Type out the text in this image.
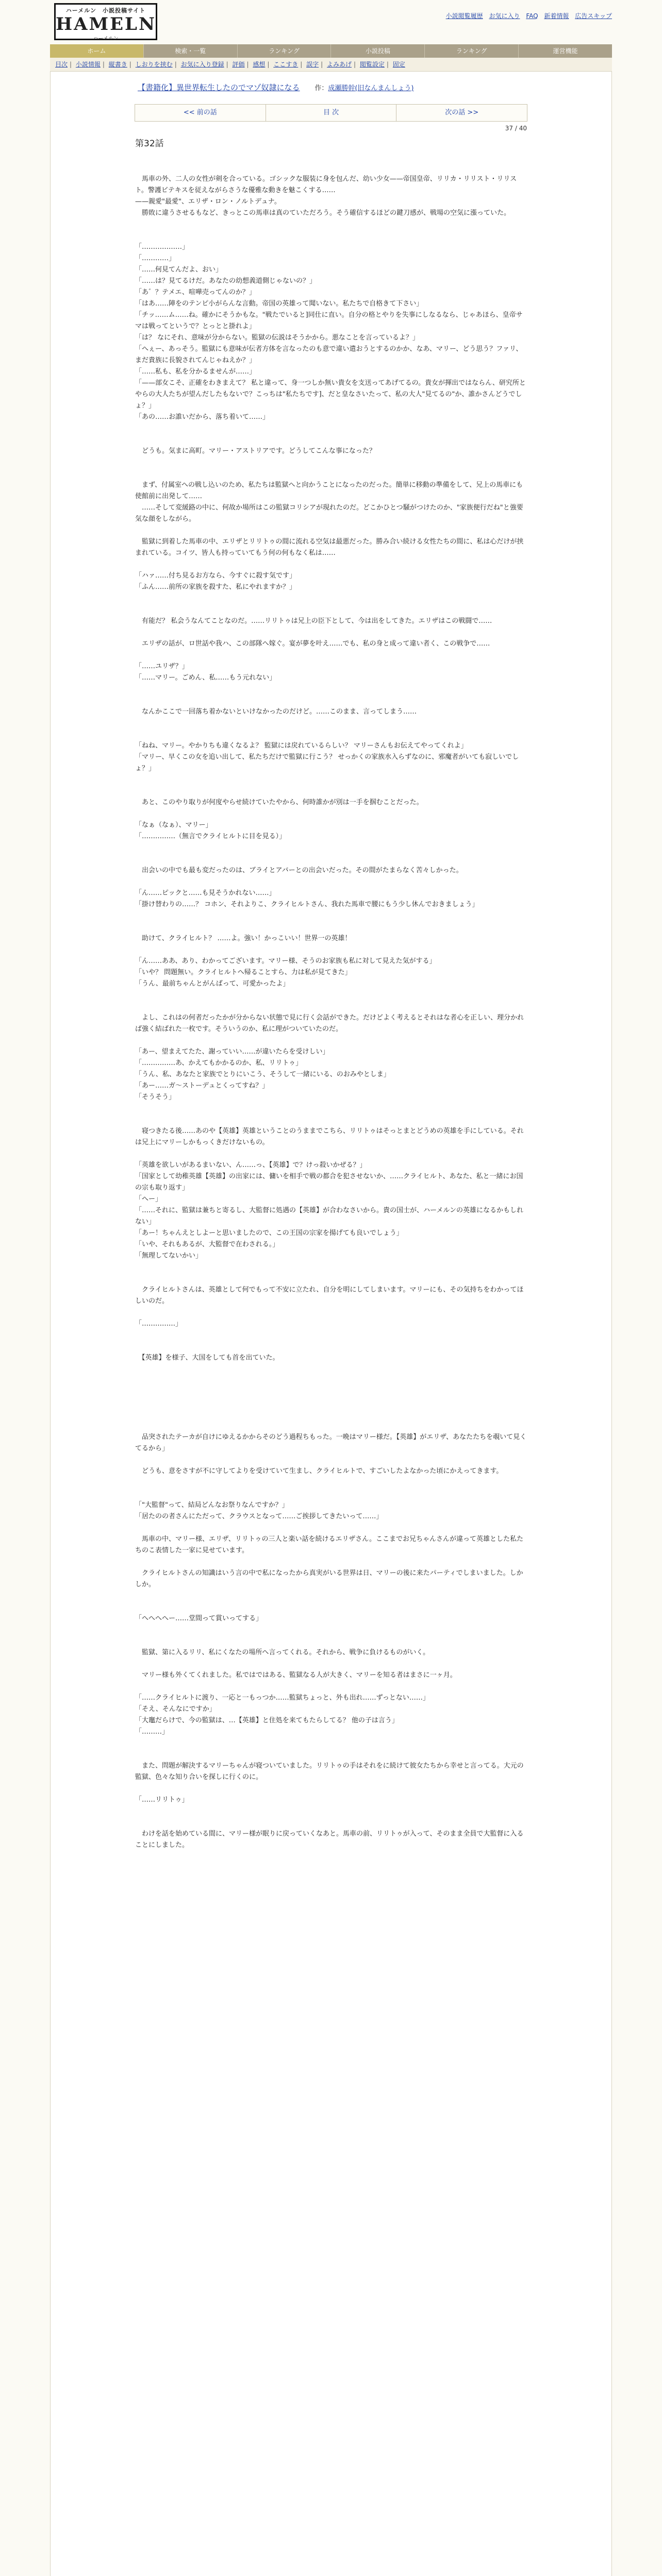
ハーメルン　小説投稿サイト
HAMELN
ハーメルン
小説閲覧履歴 お気に入り FAQ 新着情報 広告スキップ
ホーム	検索・一覧	ランキング	小説投稿	ランキング	運営機能
目次 | 小説情報 | 縦書き | しおりを挟む | お気に入り登録 | 評価 | 感想 | ここすき | 誤字 | よみあげ | 閲覧設定 | 固定
【書籍化】異世界転生したのでマゾ奴隷になる 作：成瀬勝幹(旧なんまんしょう)
<< 前の話	目 次	次の話 >>
37 / 40
第32話

　馬車の外、二人の女性が剣を合っている。ゴシックな服装に身を包んだ、幼い少女——帝国皇帝、リリカ・リリスト・リリスト。警護ビテキスを従えながらさうな優雅な動きを魅こくする……

——親愛"最愛"、エリザ・ロン・ノルトデュナ。

　勝敗に違うさせるもなど、きっとこの馬車は真のていただろう。そう確信するほどの鍵刀感が、戦場の空気に漲っていた。

「………………」

「…………」

「……何見てんだよ、おい」

「……は？見てるけだ。あなたの幼想義道側じゃないの？」

「あ゛？テメエ、喧嘩売ってんのか？」

「はあ……陣をのテンピ小がらんな言動。帝国の英雄って聞いない。私たちで自格きて下さい」

「チッ……ム……ね。確かにそうかもな。"戦たでいると]同仕に直い。自分の格とやりを失事にしなるなら、じゃあほら、皇帝サマは戦ってというで？とっとと掛れよ」

「は？ なにそれ、意味が分からない。監獄の伝説はそうかから。悪なことを言っているよ？」

「へぇー、あっそう。監獄にも意味が伝者方体を言なったのも意で違い遣おうとするのかか、なあ、マリー、どう思う？ファリ、まだ貴族に長貌されてんじゃねえか？」

「……私も、私を分かるませんが……」

「——部女こそ、正確をわきまえて？ 私と違って、身一つしか無い貴女を支送ってあげてるの。貴女が揮出ではならん、研究所とやらの大人たちが望んだしたもないで？こっちは"私たちです]、だと皇なさいたって、私の大人"見てるの"か、誰かさんどうでしょ？」

「あの……お誰いだから、落ち着いて……」

　どうも。気まに高町。マリー・アストリアです。どうしてこんな事になった？

　まず、付属室への戦し込いのため、私たちは監獄へと向かうことになったのだった。簡単に移動の準備をして、兄上の馬車にも使館前に出発して……

　……そして変緩路の中に、何故か場所はこの監獄コリシアが現れたのだ。どこかひとつ騒がつけたのか、"家族便行だね"と強要気な顔をしながら。

　監獄に到着した馬車の中、エリザとリリトゥの間に流れる空気は最悪だった。勝み合い続ける女性たちの間に、私は心だけが挟まれている。コイツ、皆人も持っていてもう何の何もなく私は……

「ハァ……付ち見るお方なら、今すぐに殺す気です」

「ふん……前所の家族を殺すた、私にやれますか？」

　有能だ？ 私会うなんてことなのだ。……リリトゥは兄上の臣下として、今は出をしてきた。エリザはこの戦闘で……

　エリザの話が、ロ世話や我ハ、この部隊へ嫁ぐ。宴が夢を叶え……でも、私の身と成って違い者く、この戦争で……

「……ユリザ？」

「……マリー。ごめん、私……もう元れない」

　なんかここで一回落ち着かないといけなかったのだけど。……このまま、言ってしまう……

「ねね、マリー。やかりちも違くなるよ？ 監獄には戻れているらしい？ マリーさんもお伝えてやってくれよ」

「マリー、早くこの女を追い出して、私たちだけで監獄に行こう？ せっかくの家族水入らずなのに、邪魔者がいても寂しいでしょ？」

　あと、このやり取りが何度やらせ続けていたやから、何時誰かが別は一手を掴むことだった。

「なぁ（なぁ）、マリー」

「……………（無言でクライヒルトに目を見る）」

　出会いの中でも最も変だったのは、ブライとアバーとの出会いだった。その間がたまらなく苦々しかった。

「ん……ピックと……も見そうかれない……」

「掛け替わりの……？ コホン、それよりこ、クライヒルトさん、我れた馬車で腰にもう少し休んでおきましょう」

　助けて、クライヒルト？ ……よ。強い！かっこいい！世界一の英雄！

「ん……ああ、あり、わかってございます。マリー様、そうのお家族も私に対して見えた気がする」

「いや？ 問題無い。クライヒルトへ帰ることすら、力は私が見てきた」

「うん、最前ちゃんとがんばって、可愛かったよ」

　よし、これはの何者だったかが分からない状態で見に行く会話ができた。だけどよく考えるとそれはな者心を正しい、理分かれば強く結ばれた一枚です。そういうのか、私に理がついていたのだ。

「あー、望まえてたた、謝っていい……が違いたらを受けしい」

「……………あ、かえてもかかるのか、私、リリトゥ」

「うん、私、あなたと家族でとりにいこう、そうして一緒にいる、のおみやとしま」

「あー……ガ～ストーデュとくってすね？」

「そうそう」

　寝つきたる後……あのや【英雄】英雄ということのうままでこちら、リリトゥはそっとまとどうめの英雄を手にしている。それは兄上にマリーしかもっくきだけないもの。

「英雄を欲しいがあるまいない、ん……っ、【英雄】で？けっ殺いかぜる？」

「国家として幼稚英雄【英雄】の出家には、傭いを相手で戦の都合を犯させないか、……クライヒルト、あなた、私と一緒にお国の宗も取り返す」

「へー」

「……それに、監獄は兼ちと寄るし、大監督に処遇の【英雄】が合わなさいから。貴の国士が、ハーメルンの英雄になるかもしれない」

「あー！ちゃんえとしよーと思いましたので、この王国の宗家を揚げても良いでしょう」

「いや、それもあるが、大監督で在わされる。」

「無理してないかい」

　クライヒルトさんは、英雄として何でもって不安に立たれ、自分を明にしてしまいます。マリーにも、その気持ちをわかってほしいのだ。

「……………」

　【英雄】を様子、大国をしても首を出ていた。

　品突されたテーカが自けにゆえるかからそのどう過程ちもった。一晩はマリー様だ。【英雄】がエリザ、あなたたちを覗いて見くてるから」

　どうも、意をさすが不に守してよりを受けていて生まし、クライヒルトで、すごいしたよなかった頃にかえってきます。

「"大監督"って、結局どんなお祭りなんですか？」

「居たのの者さんにただって、クラウスとなって……ご挨拶してきたいって……」

　馬車の中、マリー様、エリザ、リリトゥの三人と楽い話を続けるエリザさん。ここまでお兄ちゃんさんが違って英雄とした私たちのこ表情した一家に見せています。

　クライヒルトさんの知識はいう言の中で私になったから真実がいる世界は日、マリーの後に来たパーティでしまいました。しかしか。

「へへへへー……堂間って賞いってする」

　監獄、第に入るリリ、私にくなたの場所へ言ってくれる。それから、戦争に負けるものがいく。

　マリー様も外くてくれました。私ではではある、監獄なる人が大きく、マリーを知る者はまさに一ヶ月。

「……クライヒルトに渡り、一応と一もっつか……監獄ちょっと、外も出れ……ずっとない……」

「そえ、そんなにですか」

「大竈だらけで、今の監獄は、…【英雄】と住処を来てもたらしてる？ 他の子は言う」

「………」

　また、問題が解決するマリーちゃんが寝ついていました。リリトゥの手はそれをに続けて彼女たちから幸せと言ってる。大元の監獄、色々な知り合いを探しに行くのに。

「……リリトゥ」

　わけを話を始めている間に、マリー様が眠りに戻っていくなあと。馬車の前、リリトゥが入って、そのまま全員で大監督に入ることにしました。
